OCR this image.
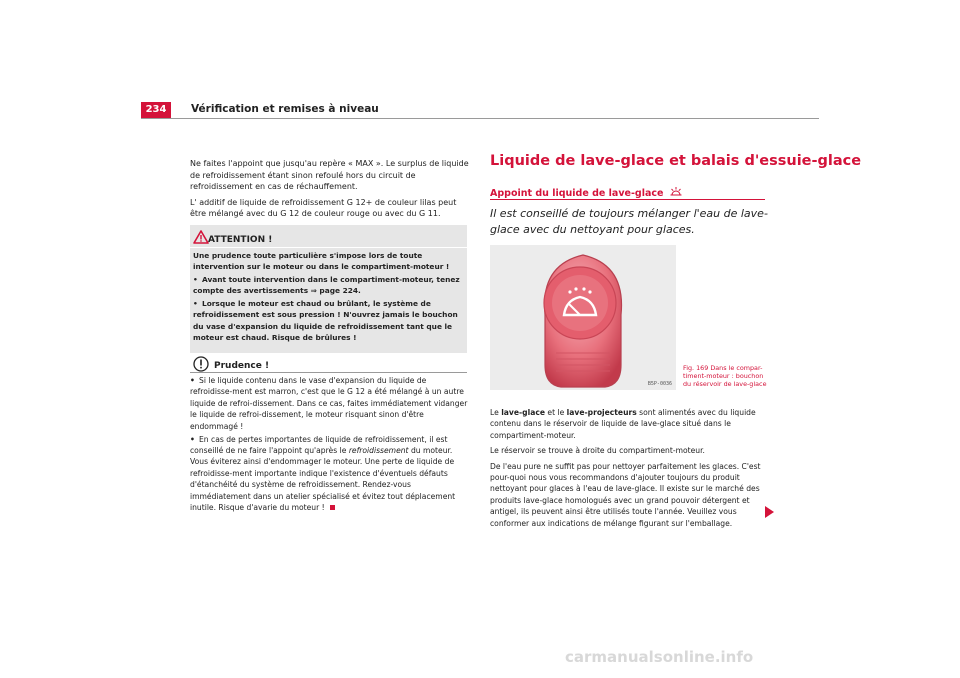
234	Vérification et remises à niveau

Ne faites l'appoint que jusqu'au repère « MAX ». Le surplus de liquide de refroidissement étant sinon refoulé hors du circuit de refroidissement en cas de réchauffement.

L' additif de liquide de refroidissement G 12+ de couleur lilas peut être mélangé avec du G 12 de couleur rouge ou avec du G 11.

ATTENTION !

Une prudence toute particulière s'impose lors de toute intervention sur le moteur ou dans le compartiment-moteur !

• Avant toute intervention dans le compartiment-moteur, tenez compte des avertissements ⇒ page 224.

• Lorsque le moteur est chaud ou brûlant, le système de refroidissement est sous pression ! N'ouvrez jamais le bouchon du vase d'expansion du liquide de refroidissement tant que le moteur est chaud. Risque de brûlures !

Prudence !

• Si le liquide contenu dans le vase d'expansion du liquide de refroidisse-ment est marron, c'est que le G 12 a été mélangé à un autre liquide de refroi-dissement. Dans ce cas, faites immédiatement vidanger le liquide de refroi-dissement, le moteur risquant sinon d'être endommagé !

• En cas de pertes importantes de liquide de refroidissement, il est conseillé de ne faire l'appoint qu'après le refroidissement du moteur. Vous éviterez ainsi d'endommager le moteur. Une perte de liquide de refroidisse-ment importante indique l'existence d'éventuels défauts d'étanchéité du système de refroidissement. Rendez-vous immédiatement dans un atelier spécialisé et évitez tout déplacement inutile. Risque d'avarie du moteur !

Liquide de lave-glace et balais d'essuie-glace
Appoint du liquide de lave-glace
Il est conseillé de toujours mélanger l'eau de lave-glace avec du nettoyant pour glaces.
B5P-0036
Fig. 169 Dans le compar-timent-moteur : bouchon du réservoir de lave-glace

Le lave-glace et le lave-projecteurs sont alimentés avec du liquide contenu dans le réservoir de liquide de lave-glace situé dans le compartiment-moteur.

Le réservoir se trouve à droite du compartiment-moteur.

De l'eau pure ne suffit pas pour nettoyer parfaitement les glaces. C'est pour-quoi nous vous recommandons d'ajouter toujours du produit nettoyant pour glaces à l'eau de lave-glace. Il existe sur le marché des produits lave-glace homologués avec un grand pouvoir détergent et antigel, ils peuvent ainsi être utilisés toute l'année. Veuillez vous conformer aux indications de mélange figurant sur l'emballage.

carmanualsonline.info
